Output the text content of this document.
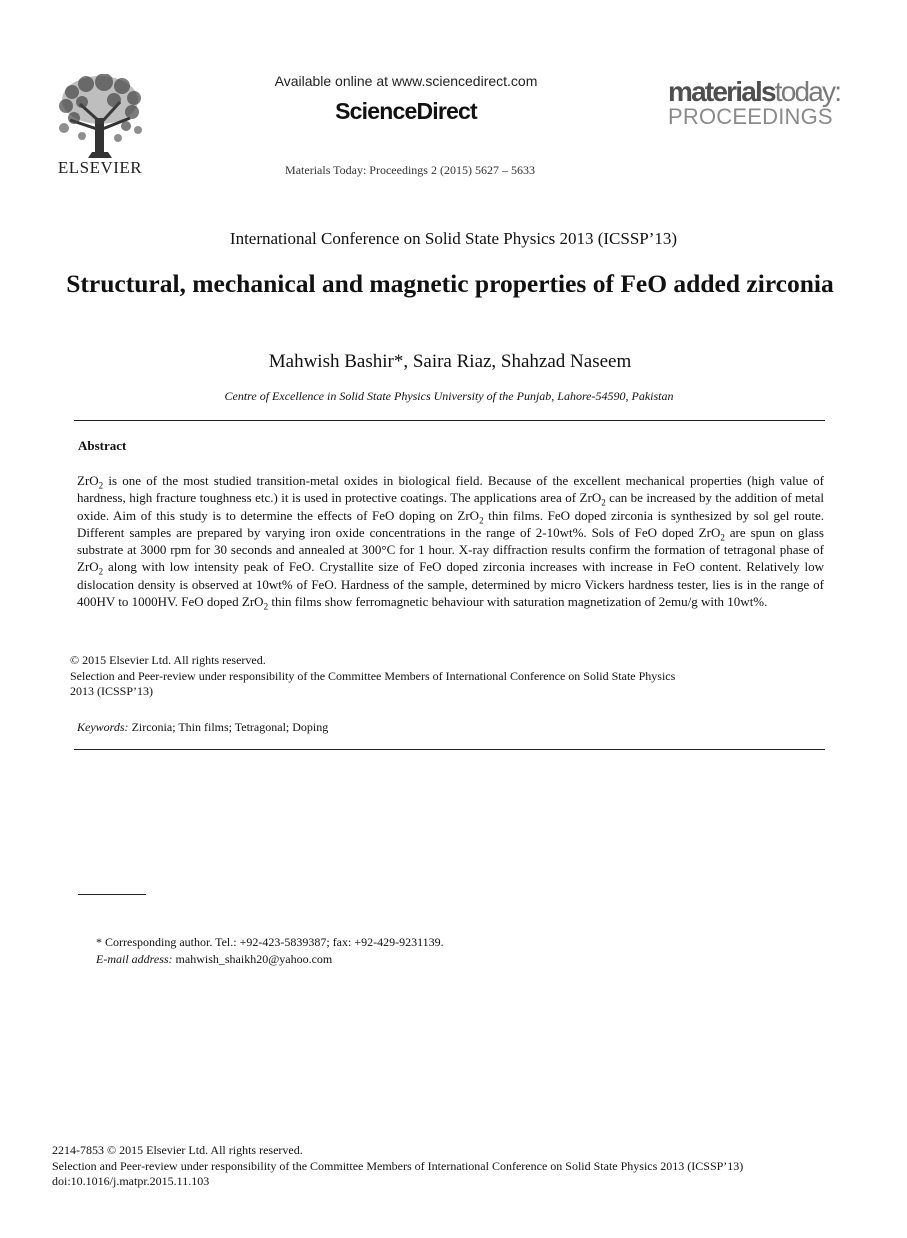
ELSEVIER
Available online at www.sciencedirect.com
ScienceDirect
Materials Today: Proceedings 2 (2015) 5627 – 5633
materialstoday:
PROCEEDINGS
International Conference on Solid State Physics 2013 (ICSSP’13)
Structural, mechanical and magnetic properties of FeO added zirconia
Mahwish Bashir*, Saira Riaz, Shahzad Naseem
Centre of Excellence in Solid State Physics University of the Punjab, Lahore-54590, Pakistan
Abstract
ZrO$_2$ is one of the most studied transition-metal oxides in biological field. Because of the excellent mechanical properties (high value of hardness, high fracture toughness etc.) it is used in protective coatings. The applications area of ZrO$_2$ can be increased by the addition of metal oxide. Aim of this study is to determine the effects of FeO doping on ZrO$_2$ thin films. FeO doped zirconia is synthesized by sol gel route. Different samples are prepared by varying iron oxide concentrations in the range of 2-10wt%. Sols of FeO doped ZrO$_2$ are spun on glass substrate at 3000 rpm for 30 seconds and annealed at 300°C for 1 hour. X-ray diffraction results confirm the formation of tetragonal phase of ZrO$_2$ along with low intensity peak of FeO. Crystallite size of FeO doped zirconia increases with increase in FeO content. Relatively low dislocation density is observed at 10wt% of FeO. Hardness of the sample, determined by micro Vickers hardness tester, lies is in the range of 400HV to 1000HV. FeO doped ZrO$_2$ thin films show ferromagnetic behaviour with saturation magnetization of 2emu/g with 10wt%.
© 2015 Elsevier Ltd. All rights reserved.
Selection and Peer-review under responsibility of the Committee Members of International Conference on Solid State Physics
2013 (ICSSP’13)
Keywords: Zirconia; Thin films; Tetragonal; Doping
* Corresponding author. Tel.: +92-423-5839387; fax: +92-429-9231139.
E-mail address: mahwish_shaikh20@yahoo.com
2214-7853 © 2015 Elsevier Ltd. All rights reserved.
Selection and Peer-review under responsibility of the Committee Members of International Conference on Solid State Physics 2013 (ICSSP’13)
doi:10.1016/j.matpr.2015.11.103
